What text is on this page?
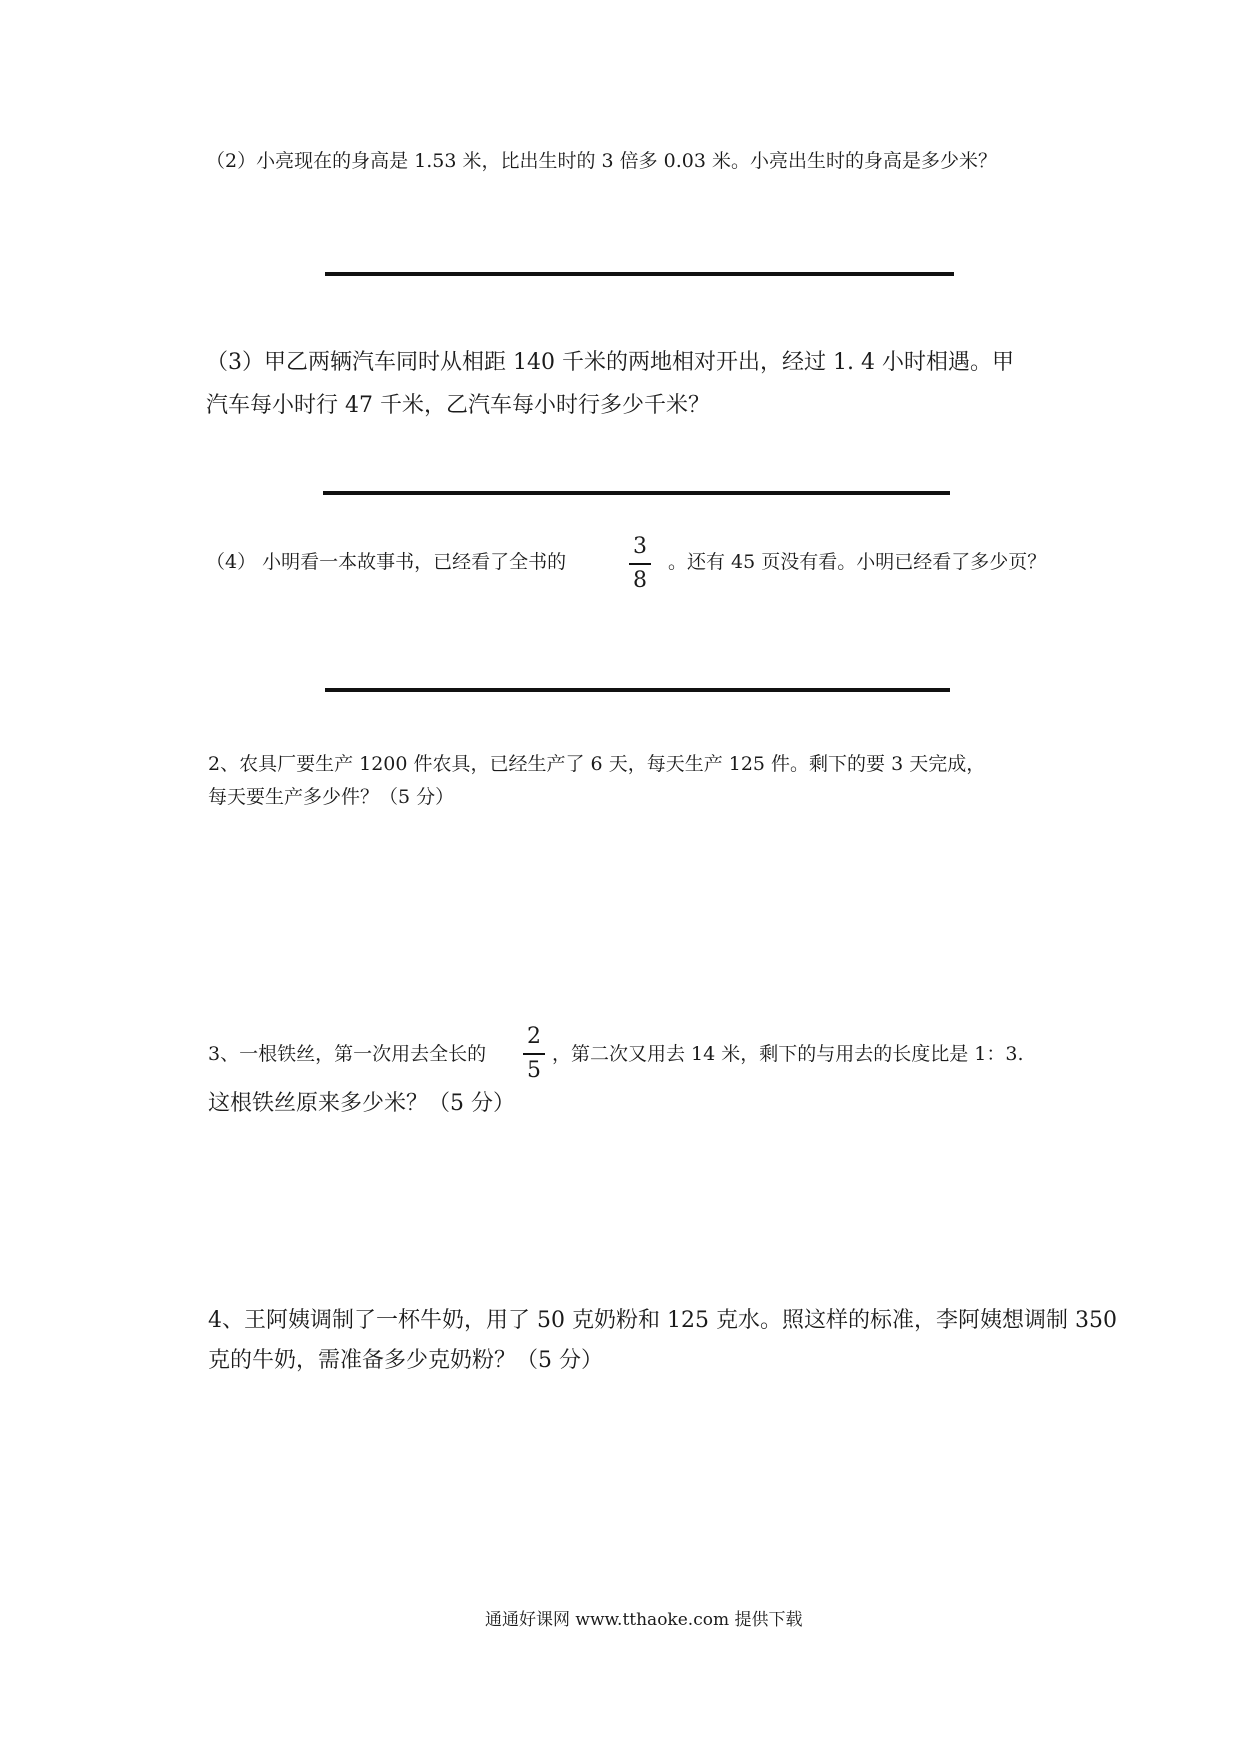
（2）小亮现在的身高是 1.53 米，比出生时的 3 倍多 0.03 米。小亮出生时的身高是多少米？
（3）甲乙两辆汽车同时从相距 140 千米的两地相对开出，经过 1. 4 小时相遇。甲
汽车每小时行 47 千米，乙汽车每小时行多少千米？
（4） 小明看一本故事书，已经看了全书的
3
8
。还有 45 页没有看。小明已经看了多少页？
2、农具厂要生产 1200 件农具，已经生产了 6 天，每天生产 125 件。剩下的要 3 天完成，
每天要生产多少件？（5 分）
3、一根铁丝，第一次用去全长的
2
5
，第二次又用去 14 米，剩下的与用去的长度比是 1：3.
这根铁丝原来多少米？（5 分）
4、王阿姨调制了一杯牛奶，用了 50 克奶粉和 125 克水。照这样的标准，李阿姨想调制 350
克的牛奶，需准备多少克奶粉？（5 分）
通通好课网 www.tthaoke.com 提供下载
